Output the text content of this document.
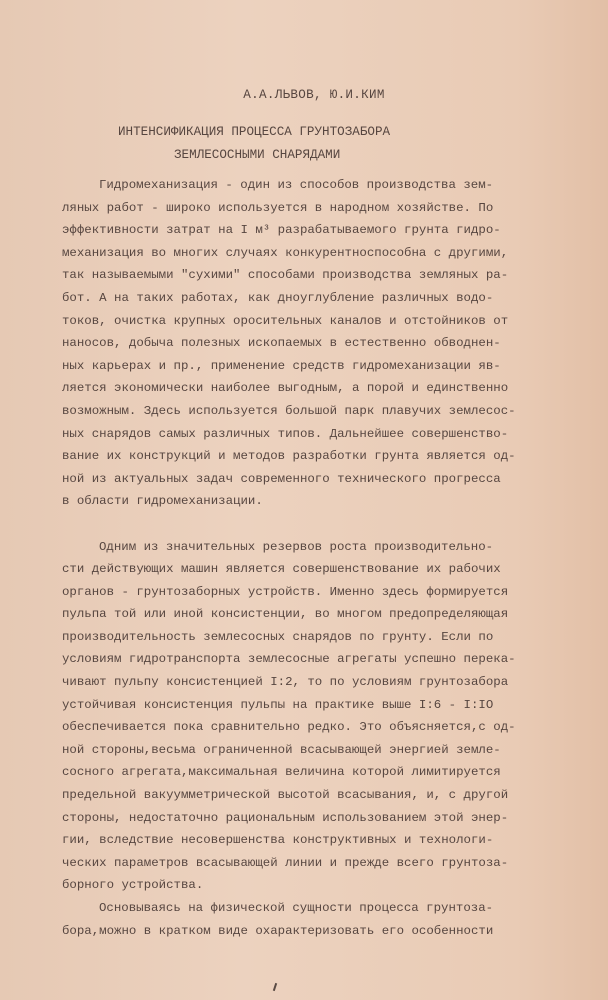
А.А.ЛЬВОВ, Ю.И.КИМ
ИНТЕНСИФИКАЦИЯ ПРОЦЕССА ГРУНТОЗАБОРА
ЗЕМЛЕСОСНЫМИ СНАРЯДАМИ
Гидромеханизация - один из способов производства зем-
ляных работ - широко используется в народном хозяйстве. По
эффективности затрат на I м³ разрабатываемого грунта гидро-
механизация во многих случаях конкурентноспособна с другими,
так называемыми "сухими" способами производства земляных ра-
бот. А на таких работах, как дноуглубление различных водо-
токов, очистка крупных оросительных каналов и отстойников от
наносов, добыча полезных ископаемых в естественно обводнен-
ных карьерах и пр., применение средств гидромеханизации яв-
ляется экономически наиболее выгодным, а порой и единственно
возможным. Здесь используется большой парк плавучих землесос-
ных снарядов самых различных типов. Дальнейшее совершенство-
вание их конструкций и методов разработки грунта является од-
ной из актуальных задач современного технического прогресса
в области гидромеханизации.
Одним из значительных резервов роста производительно-
сти действующих машин является совершенствование их рабочих
органов - грунтозаборных устройств. Именно здесь формируется
пульпа той или иной консистенции, во многом предопределяющая
производительность землесосных снарядов по грунту. Если по
условиям гидротранспорта землесосные агрегаты успешно перека-
чивают пульпу консистенцией I:2, то по условиям грунтозабора
устойчивая консистенция пульпы на практике выше I:6 - I:IO
обеспечивается пока сравнительно редко. Это объясняется,с од-
ной стороны,весьма ограниченной всасывающей энергией земле-
сосного агрегата,максимальная величина которой лимитируется
предельной вакуумметрической высотой всасывания, и, с другой
стороны, недостаточно рациональным использованием этой энер-
гии, вследствие несовершенства конструктивных и технологи-
ческих параметров всасывающей линии и прежде всего грунтоза-
борного устройства.
Основываясь на физической сущности процесса грунтоза-
бора,можно в кратком виде охарактеризовать его особенности
